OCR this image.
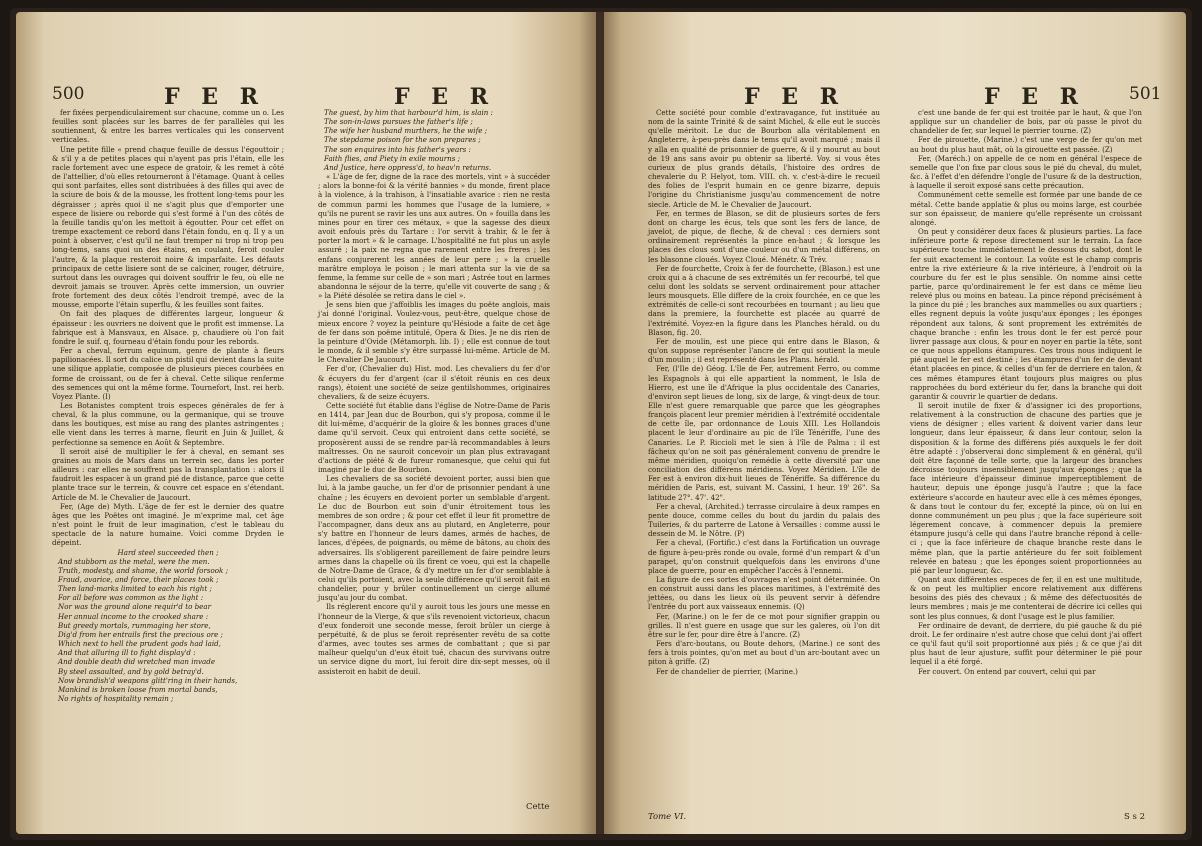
500	F E R	F E R

fer fixées perpendiculairement sur chacune, comme un o. Les feuilles sont placées sur les barres de fer parallèles qui les soutiennent, & entre les barres verticales qui les conservent verticales.

Une petite fille « prend chaque feuille de dessus l'égouttoir ; & s'il y a de petites places qui n'ayent pas pris l'étain, elle les racle fortement avec une espece de gratoir, & les remet à côté de l'attellier, d'où elles retourneront à l'étamage. Quant à celles qui sont parfaites, elles sont distribuées à des filles qui avec de la sciure de bois & de la mousse, les frottent long-tems pour les dégraisser ; après quoi il ne s'agit plus que d'emporter une espece de lisiere ou reborde qui s'est formé à l'un des côtés de la feuille tandis qu'on les mettoit à égoutter. Pour cet effet on trempe exactement ce rebord dans l'étain fondu, en q. Il y a un point à observer, c'est qu'il ne faut tremper ni trop ni trop peu long-tems, sans quoi un des étains, en coulant, feroit couler l'autre, & la plaque resteroit noire & imparfaite. Les défauts principaux de cette lisiere sont de se calciner, rouger, détruire, surtout dans les ouvrages qui doivent souffrir le feu, où elle ne devroit jamais se trouver. Après cette immersion, un ouvrier frote fortement des deux côtés l'endroit trempé, avec de la mousse, emporte l'étain superflu, & les feuilles sont faites.

On fait des plaques de différentes largeur, longueur & épaisseur : les ouvriers ne doivent que le profit est immense. La fabrique est à Mansvaux, en Alsace. p, chaudiere où l'on fait fondre le suif. q, fourneau d'étain fondu pour les rebords.

Fer a cheval, ferrum equinum, genre de plante à fleurs papilionacées. Il sort du calice un pistil qui devient dans la suite une silique applatie, composée de plusieurs pieces courbées en forme de croissant, ou de fer à cheval. Cette silique renferme des semences qui ont la même forme. Tournefort, Inst. rei herb. Voyez Plante. (I)

Les Botanistes comptent trois especes générales de fer à cheval, & la plus commune, ou la germanique, qui se trouve dans les boutiques, est mise au rang des plantes astringentes ; elle vient dans les terres à marne, fleurit en Juin & Juillet, & perfectionne sa semence en Août & Septembre.

Il seroit aisé de multiplier le fer à cheval, en semant ses graines au mois de Mars dans un terrein sec, dans les porter ailleurs : car elles ne souffrent pas la transplantation : alors il faudroit les espacer à un grand pié de distance, parce que cette plante trace sur le terrein, & couvre cet espace en s'étendant. Article de M. le Chevalier de Jaucourt.

Fer, (Age de) Myth. L'âge de fer est le dernier des quatre âges que les Poëtes ont imaginé. Je m'exprime mal, cet âge n'est point le fruit de leur imagination, c'est le tableau du spectacle de la nature humaine. Voici comme Dryden le dépeint.

Hard steel succeeded then ;

And stubborn as the metal, were the men.

Truth, modesty, and shame, the world forsook ;

Fraud, avarice, and force, their places took ;

Then land-marks limited to each his right ;

For all before was common as the light :

Nor was the ground alone requir'd to bear

Her annual income to the crooked share :

But greedy mortals, rummaging her store,

Dig'd from her entrails first the precious ore ;

Which next to hell the prudent gods had laid,

And that alluring ill to fight display'd :

And double death did wretched man invade

By steel assaulted, and by gold betray'd.

Now brandish'd weapons glitt'ring in their hands,

Mankind is broken loose from mortal bands,

No rights of hospitality remain ;

The guest, by him that harbour'd him, is slain :

The son-in-laws pursues the father's life ;

The wife her husband murthers, he the wife ;

The stepdame poison for the son prepares ;

The son enquires into his father's years :

Faith flies, and Piety in exile mourns ;

And Justice, here oppress'd, to heav'n returns.

« L'âge de fer, digne de la race des mortels, vint » à succéder ; alors la bonne-foi & la vérité bannies » du monde, firent place à la violence, à la trahison, à l'insatiable avarice : rien ne resta de commun parmi les hommes que l'usage de la lumiere, » qu'ils ne purent se ravir les uns aux autres. On » fouilla dans les mines pour en tirer ces métaux, » que la sagesse des dieux avoit enfouis près du Tartare : l'or servit à trahir, & le fer à porter la mort » & le carnage. L'hospitalité ne fut plus un asyle assuré ; la paix ne regna que rarement entre les freres ; les enfans conjurerent les années de leur pere ; » la cruelle marâtre employa le poison ; le mari attenta sur la vie de sa femme, la femme sur celle de » son mari ; Astrée tout en larmes abandonna le séjour de la terre, qu'elle vit couverte de sang ; & » la Piété désolée se retira dans le ciel ».

Je sens bien que j'affoiblis les images du poëte anglois, mais j'ai donné l'original. Voulez-vous, peut-être, quelque chose de mieux encore ? voyez la peinture qu'Hésiode a faite de cet âge de fer dans son poëme intitulé, Opera & Dies. Je ne dis rien de la peinture d'Ovide (Métamorph. lib. I) ; elle est connue de tout le monde, & il semble s'y être surpassé lui-même. Article de M. le Chevalier De Jaucourt.

Fer d'or, (Chevalier du) Hist. mod. Les chevaliers du fer d'or & écuyers du fer d'argent (car il s'étoit réunis en ces deux rangs), étoient une société de seize gentilshommes, originaires chevaliers, & de seize écuyers.

Cette société fut établie dans l'église de Notre-Dame de Paris en 1414, par Jean duc de Bourbon, qui s'y proposa, comme il le dit lui-même, d'acquérir de la gloire & les bonnes graces d'une dame qu'il servoit. Ceux qui entroient dans cette société, se proposèrent aussi de se rendre par-là recommandables à leurs maîtresses. On ne sauroit concevoir un plan plus extravagant d'actions de piété & de fureur romanesque, que celui qui fut imaginé par le duc de Bourbon.

Les chevaliers de sa société devoient porter, aussi bien que lui, à la jambe gauche, un fer d'or de prisonnier pendant à une chaîne ; les écuyers en devoient porter un semblable d'argent. Le duc de Bourbon eut soin d'unir étroitement tous les membres de son ordre ; & pour cet effet il leur fit promettre de l'accompagner, dans deux ans au plutard, en Angleterre, pour s'y battre en l'honneur de leurs dames, armés de haches, de lances, d'épées, de poignards, ou même de bâtons, au choix des adversaires. Ils s'obligerent pareillement de faire peindre leurs armes dans la chapelle où ils firent ce voeu, qui est la chapelle de Notre-Dame de Grace, & d'y mettre un fer d'or semblable à celui qu'ils portoient, avec la seule différence qu'il seroit fait en chandelier, pour y brûler continuellement un cierge allumé jusqu'au jour du combat.

Ils réglerent encore qu'il y auroit tous les jours une messe en l'honneur de la Vierge, & que s'ils revenoient victorieux, chacun d'eux fonderoit une seconde messe, feroit brûler un cierge à perpétuité, & de plus se feroit représenter revêtu de sa cotte d'armes, avec toutes ses armes de combattant ; que si par malheur quelqu'un d'eux étoit tué, chacun des survivans outre un service digne du mort, lui feroit dire dix-sept messes, où il assisteroit en habit de deuil.

Cette
F E R	F E R	501

Cette société pour comble d'extravagance, fut instituée au nom de la sainte Trinité & de saint Michel, & elle eut le succès qu'elle méritoit. Le duc de Bourbon alla véritablement en Angleterre, à-peu-près dans le tems qu'il avoit marqué ; mais il y alla en qualité de prisonnier de guerre, & il y mourut au bout de 19 ans sans avoir pu obtenir sa liberté. Voy. si vous êtes curieux de plus grands détails, l'histoire des ordres de chevalerie du P. Helyot, tom. VIII. ch. v. c'est-à-dire le recueil des folies de l'esprit humain en ce genre bizarre, depuis l'origine du Christianisme jusqu'au commencement de notre siecle. Article de M. le Chevalier de Jaucourt.

Fer, en termes de Blason, se dit de plusieurs sortes de fers dont on charge les écus, tels que sont les fers de lance, de javelot, de pique, de fleche, & de cheval : ces derniers sont ordinairement représentés la pince en-haut ; & lorsque les places des clous sont d'une couleur ou d'un métal différens, on les blasonne cloués. Voyez Cloué. Ménétr. & Trév.

Fer de fourchette, Croix à fer de fourchette, (Blason.) est une croix qui a à chacune de ses extrémités un fer recourbé, tel que celui dont les soldats se servent ordinairement pour attacher leurs mousquets. Elle differe de la croix fourchée, en ce que les extrémités de celle-ci sont recourbées en tournant ; au lieu que dans la premiere, la fourchette est placée au quarré de l'extrémité. Voyez-en la figure dans les Planches hérald. ou du Blason, fig. 20.

Fer de moulin, est une piece qui entre dans le Blason, & qu'on suppose représenter l'ancre de fer qui soutient la meule d'un moulin ; il est représenté dans les Plans. hérald.

Fer, (l'Ile de) Géog. L'île de Fer, autrement Ferro, ou comme les Espagnols à qui elle appartient la nomment, le Isla de Hierro, est une île d'Afrique la plus occidentale des Canaries, d'environ sept lieues de long, six de large, & vingt-deux de tour. Elle n'est guere remarquable que parce que les géographes françois placent leur premier méridien à l'extrémité occidentale de cette île, par ordonnance de Louis XIII. Les Hollandois placent le leur d'ordinaire au pic de l'île Ténériffe, l'une des Canaries. Le P. Riccioli met le sien à l'île de Palma : il est fâcheux qu'on ne soit pas généralement convenu de prendre le même méridien, quoiqu'on remédie à cette diversité par une conciliation des différens méridiens. Voyez Méridien. L'île de Fer est à environ dix-huit lieues de Ténériffe. Sa différence du méridien de Paris, est, suivant M. Cassini, 1 heur. 19' 26". Sa latitude 27°. 47'. 42".

Fer a cheval, (Archited.) terrasse circulaire à deux rampes en pente douce, comme celles du bout du jardin du palais des Tuileries, & du parterre de Latone à Versailles : comme aussi le dessein de M. le Nôtre. (P)

Fer a cheval, (Fortific.) c'est dans la Fortification un ouvrage de figure à-peu-près ronde ou ovale, formé d'un rempart & d'un parapet, qu'on construit quelquefois dans les environs d'une place de guerre, pour en empêcher l'accès à l'ennemi.

La figure de ces sortes d'ouvrages n'est point déterminée. On en construit aussi dans les places maritimes, à l'extrémité des jettées, ou dans les lieux où ils peuvent servir à défendre l'entrée du port aux vaisseaux ennemis. (Q)

Fer, (Marine.) on le fer de ce mot pour signifier grappin ou grilles. Il n'est guere en usage que sur les galeres, où l'on dit être sur le fer, pour dire être à l'ancre. (Z)

Fers d'arc-boutans, ou Boute dehors, (Marine.) ce sont des fers à trois pointes, qu'on met au bout d'un arc-boutant avec un piton à griffe. (Z)

Fer de chandelier de pierrier, (Marine.)

c'est une bande de fer qui est troitée par le haut, & que l'on applique sur un chandelier de bois, par où passe le pivot du chandelier de fer, sur lequel le pierrier tourne. (Z)

Fer de pirouette, (Marine.) c'est une verge de fer qu'on met au bout du plus haut mât, où la girouette est passée. (Z)

Fer, (Maréch.) on appelle de ce nom en général l'espece de semelle que l'on fixe par clous sous le pié du cheval, du mulet, &c. à l'effet d'en défendre l'ongle de l'usure & de la destruction, à laquelle il seroit exposé sans cette précaution.

Communément cette semelle est formée par une bande de ce métal. Cette bande applatie & plus ou moins large, est courbée sur son épaisseur, de maniere qu'elle représente un croissant alongé.

On peut y considérer deux faces & plusieurs parties. La face inférieure porte & repose directement sur le terrain. La face supérieure touche immédiatement le dessous du sabot, dont le fer suit exactement le contour. La voûte est le champ compris entre la rive extérieure & la rive intérieure, à l'endroit où la courbure du fer est le plus sensible. On nomme ainsi cette partie, parce qu'ordinairement le fer est dans ce même lieu relevé plus ou moins en bateau. La pince répond précisément à la pince du pié ; les branches aux mammelles ou aux quartiers ; elles regnent depuis la voûte jusqu'aux éponges ; les éponges répondent aux talons, & sont proprement les extrémités de chaque branche : enfin les trous dont le fer est percé pour livrer passage aux clous, & pour en noyer en partie la tête, sont ce que nous appellons étampures. Ces trous nous indiquent le pié auquel le fer est destiné ; les étampures d'un fer de devant étant placées en pince, & celles d'un fer de derriere en talon, & ces mêmes étampures étant toujours plus maigres ou plus rapprochées du bord extérieur du fer, dans la branche qui doit garantir & couvrir le quartier de dedans.

Il seroit inutile de fixer & d'assigner ici des proportions, relativement à la construction de chacune des parties que je viens de désigner ; elles varient & doivent varier dans leur longueur, dans leur épaisseur, & dans leur contour, selon la disposition & la forme des différens piés auxquels le fer doit être adapté : j'observerai donc simplement & en général, qu'il doit être façonné de telle sorte, que la largeur des branches décroisse toujours insensiblement jusqu'aux éponges ; que la face intérieure d'épaisseur diminue imperceptiblement de hauteur, depuis une éponge jusqu'à l'autre ; que la face extérieure s'accorde en hauteur avec elle à ces mêmes éponges, & dans tout le contour du fer, excepté la pince, où on lui en donne communément un peu plus ; que la face supérieure soit légerement concave, à commencer depuis la premiere étampure jusqu'à celle qui dans l'autre branche répond à celle-ci ; que la face inférieure de chaque branche reste dans le même plan, que la partie antérieure du fer soit foiblement relevée en bateau ; que les éponges soient proportionnées au pié par leur longueur, &c.

Quant aux différentes especes de fer, il en est une multitude, & on peut les multiplier encore relativement aux différens besoins des piés des chevaux ; & même des défectuosités de leurs membres ; mais je me contenterai de décrire ici celles qui sont les plus connues, & dont l'usage est le plus familier.

Fer ordinaire de devant, de derriere, du pié gauche & du pié droit. Le fer ordinaire n'est autre chose que celui dont j'ai offert ce qu'il faut qu'il soit proportionné aux piés ; & ce que j'ai dit plus haut de leur ajusture, suffit pour déterminer le pié pour lequel il a été forgé.

Fer couvert. On entend par couvert, celui qui par

Tome VI.	S s 2
